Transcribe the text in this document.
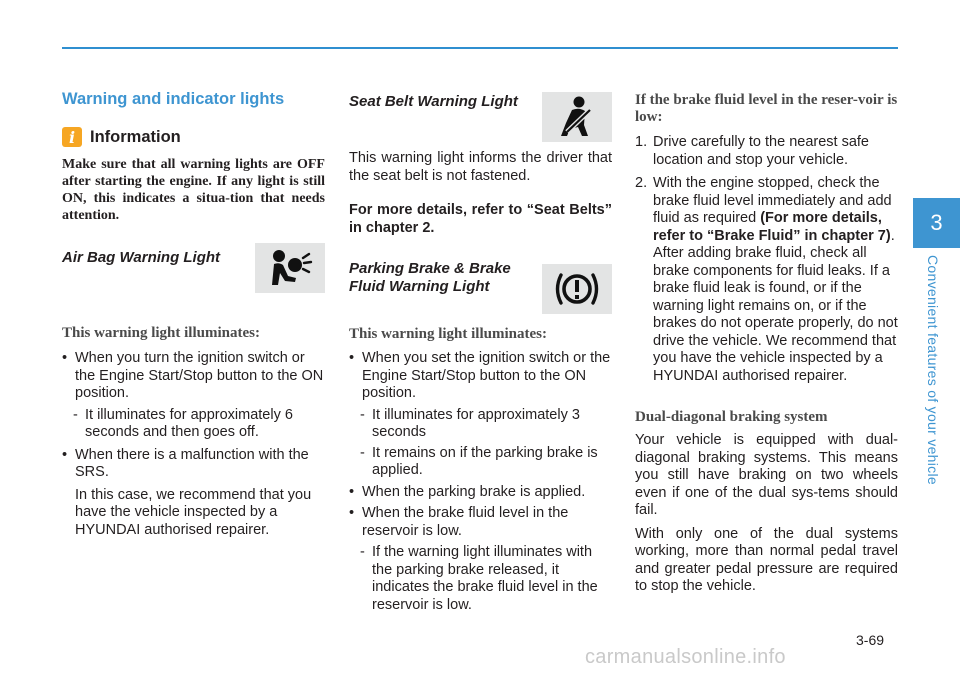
Warning and indicator lights
i Information

Make sure that all warning lights are OFF after starting the engine. If any light is still ON, this indicates a situa-tion that needs attention.

Air Bag Warning Light

This warning light illuminates:

• When you turn the ignition switch or the Engine Start/Stop button to the ON position.

- It illuminates for approximately 6 seconds and then goes off.

• When there is a malfunction with the SRS.

In this case, we recommend that you have the vehicle inspected by a HYUNDAI authorised repairer.

Seat Belt Warning Light

This warning light informs the driver that the seat belt is not fastened.

For more details, refer to “Seat Belts” in chapter 2.

Parking Brake & Brake

Fluid Warning Light

This warning light illuminates:

• When you set the ignition switch or the Engine Start/Stop button to the ON position.

- It illuminates for approximately 3 seconds

- It remains on if the parking brake is applied.

• When the parking brake is applied.

• When the brake fluid level in the reservoir is low.

- If the warning light illuminates with the parking brake released, it indicates the brake fluid level in the reservoir is low.

If the brake fluid level in the reser-voir is low:

1. Drive carefully to the nearest safe location and stop your vehicle.

2. With the engine stopped, check the brake fluid level immediately and add fluid as required (For more details, refer to “Brake Fluid” in chapter 7). After adding brake fluid, check all brake components for fluid leaks. If a brake fluid leak is found, or if the warning light remains on, or if the brakes do not operate properly, do not drive the vehicle. We recommend that you have the vehicle inspected by a HYUNDAI authorised repairer.

Dual-diagonal braking system

Your vehicle is equipped with dual-diagonal braking systems. This means you still have braking on two wheels even if one of the dual sys-tems should fail.

With only one of the dual systems working, more than normal pedal travel and greater pedal pressure are required to stop the vehicle.

3
Convenient features of your vehicle
3-69
carmanualsonline.info
